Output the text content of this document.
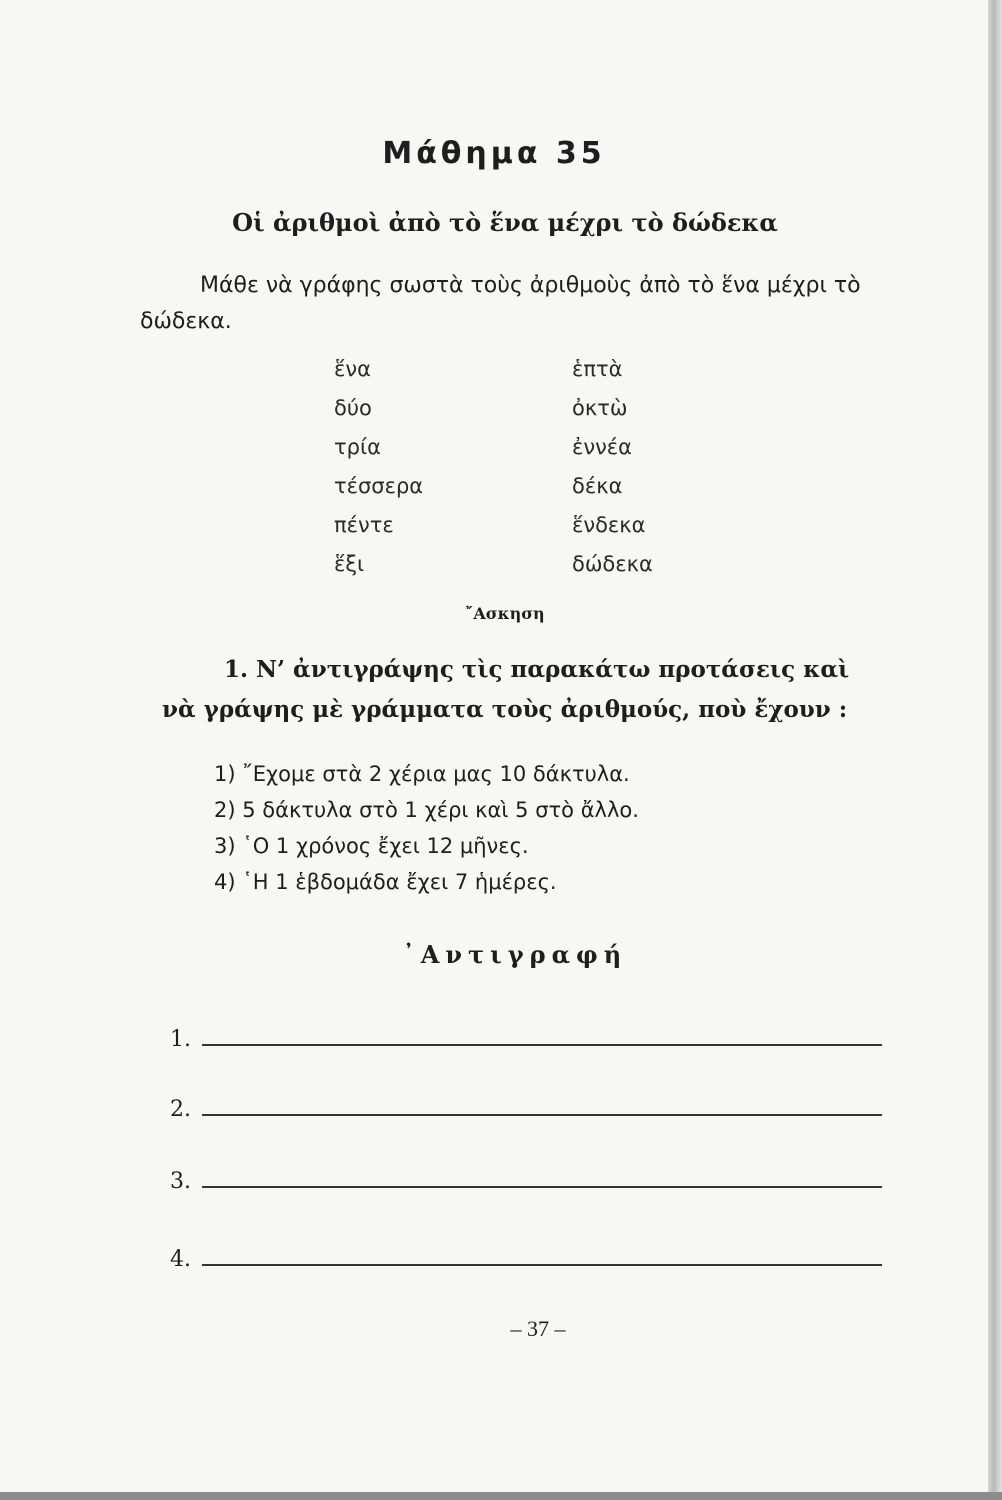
Μάθημα 35
Οἱ ἀριθμοὶ ἀπὸ τὸ ἕνα μέχρι τὸ δώδεκα
Μάθε νὰ γράφης σωστὰ τοὺς ἀριθμοὺς ἀπὸ τὸ ἕνα μέχρι τὸ δώδεκα.
ἕνα
δύο
τρία
τέσσερα
πέντε
ἕξι
ἑπτὰ
ὀκτὼ
ἐννέα
δέκα
ἕνδεκα
δώδεκα
῎Ασκηση
1. Ν’ ἀντιγράψης τὶς παρακάτω προτάσεις καὶ νὰ γράψης μὲ γράμματα τοὺς ἀριθμούς, ποὺ ἔχουν :
1) ῎Εχομε στὰ 2 χέρια μας 10 δάκτυλα.
2) 5 δάκτυλα στὸ 1 χέρι καὶ 5 στὸ ἄλλο.
3) ῾Ο 1 χρόνος ἔχει 12 μῆνες.
4) ῾Η 1 ἑβδομάδα ἔχει 7 ἡμέρες.
᾽Αντιγραφή
1.
2.
3.
4.
– 37 –
